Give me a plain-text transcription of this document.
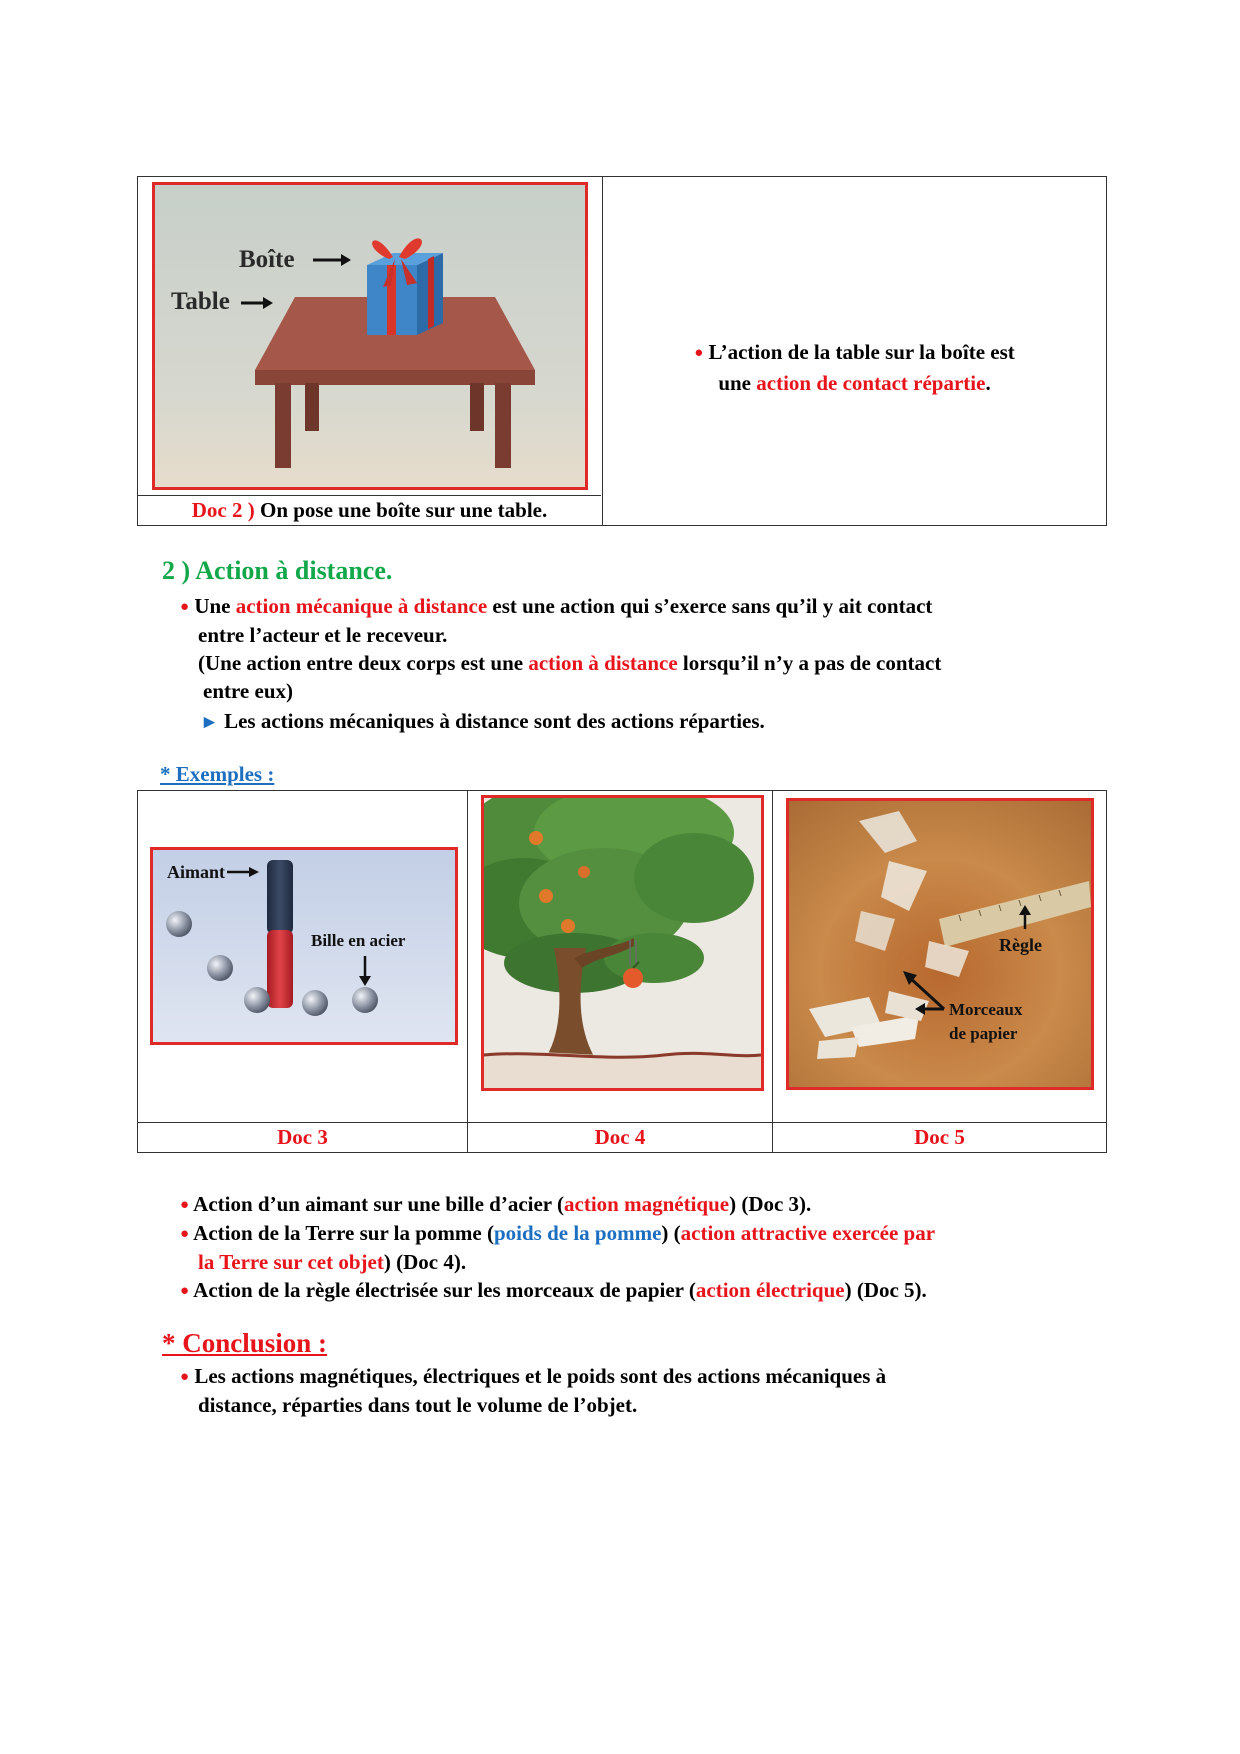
Boîte
Table
Doc 2 ) On pose une boîte sur une table.
● L’action de la table sur la boîte est
une action de contact répartie.
2 ) Action à distance.
● Une action mécanique à distance est une action qui s’exerce sans qu’il y ait contact
entre l’acteur et le receveur.
(Une action entre deux corps est une action à distance lorsqu’il n’y a pas de contact
entre eux)
► Les actions mécaniques à distance sont des actions réparties.
* Exemples :
Aimant
Bille en acier	Règle
Morceaux
de papier
Doc 3	Doc 4	Doc 5
● Action d’un aimant sur une bille d’acier (action magnétique) (Doc 3).
● Action de la Terre sur la pomme (poids de la pomme) (action attractive exercée par
la Terre sur cet objet) (Doc 4).
● Action de la règle électrisée sur les morceaux de papier (action électrique) (Doc 5).
* Conclusion :
● Les actions magnétiques, électriques et le poids sont des actions mécaniques à
distance, réparties dans tout le volume de l’objet.
